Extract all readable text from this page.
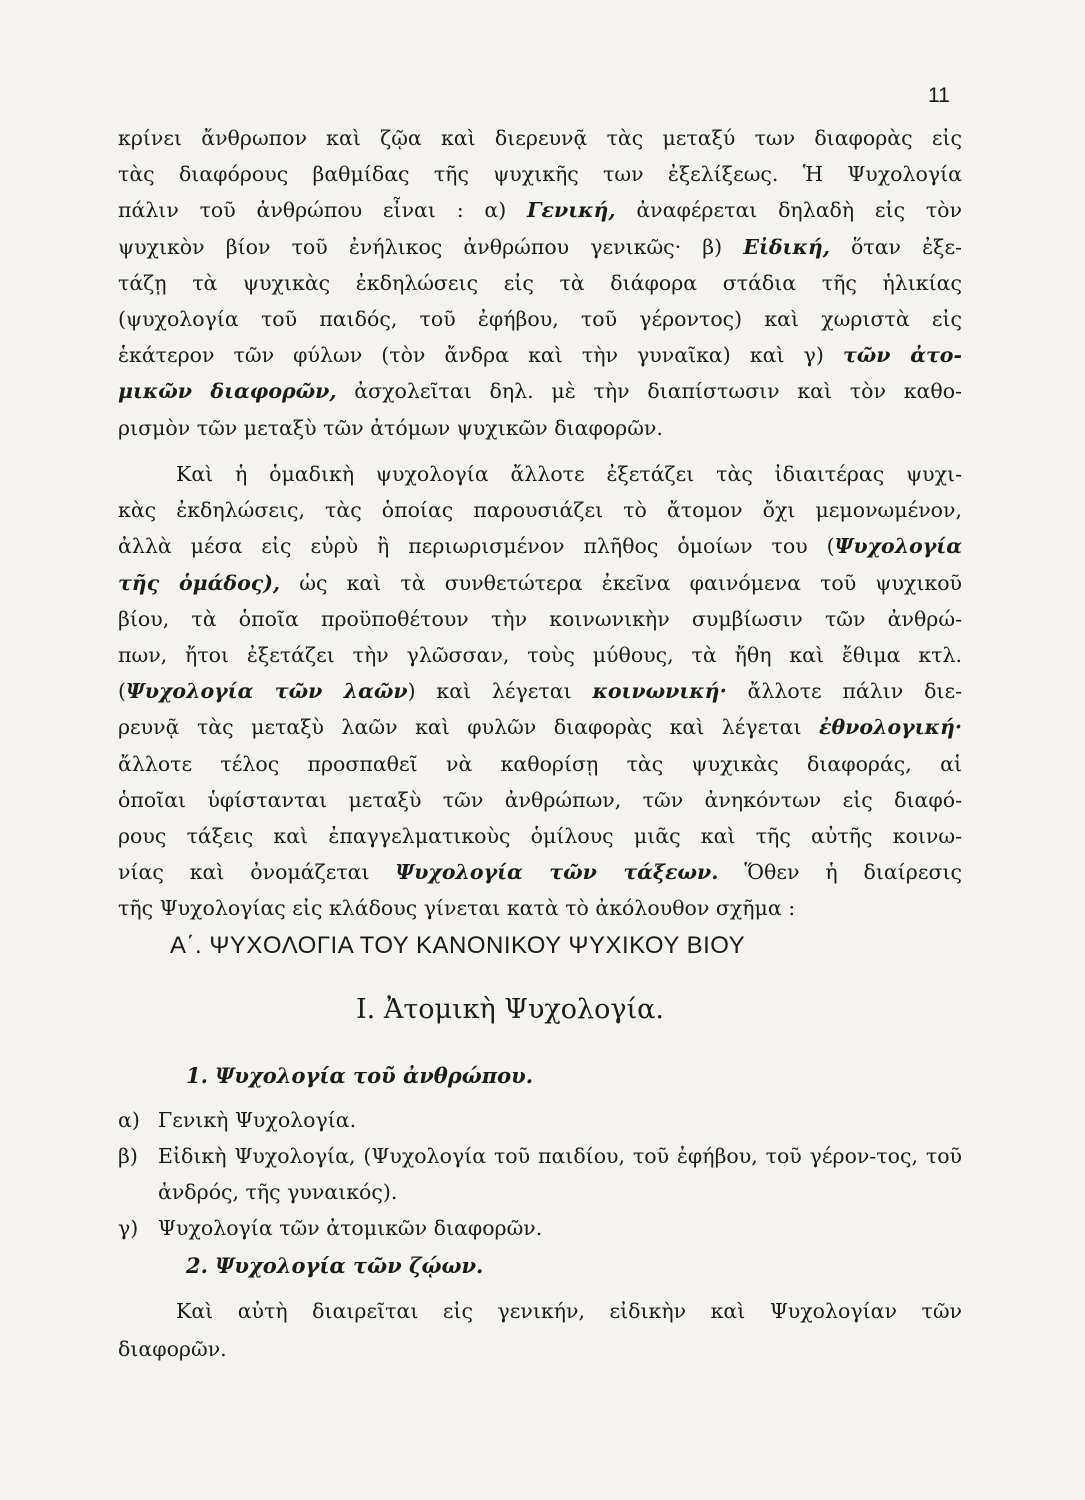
11
κρίνει ἄνθρωπον καὶ ζῷα καὶ διερευνᾷ τὰς μεταξύ των διαφορὰς εἰς
τὰς διαφόρους βαθμίδας τῆς ψυχικῆς των ἐξελίξεως. Ἡ Ψυχολογία
πάλιν τοῦ ἀνθρώπου εἶναι : α) Γενική, ἀναφέρεται δηλαδὴ εἰς τὸν
ψυχικὸν βίον τοῦ ἐνήλικος ἀνθρώπου γενικῶς· β) Εἰδική, ὅταν ἐξε-
τάζῃ τὰ ψυχικὰς ἐκδηλώσεις εἰς τὰ διάφορα στάδια τῆς ἡλικίας
(ψυχολογία τοῦ παιδός, τοῦ ἐφήβου, τοῦ γέροντος) καὶ χωριστὰ εἰς
ἑκάτερον τῶν φύλων (τὸν ἄνδρα καὶ τὴν γυναῖκα) καὶ γ) τῶν ἀτο-
μικῶν διαφορῶν, ἀσχολεῖται δηλ. μὲ τὴν διαπίστωσιν καὶ τὸν καθο-
ρισμὸν τῶν μεταξὺ τῶν ἀτόμων ψυχικῶν διαφορῶν.
Καὶ ἡ ὁμαδικὴ ψυχολογία ἄλλοτε ἐξετάζει τὰς ἰδιαιτέρας ψυχι-
κὰς ἐκδηλώσεις, τὰς ὁποίας παρουσιάζει τὸ ἄτομον ὄχι μεμονωμένον,
ἀλλὰ μέσα εἰς εὐρὺ ἢ περιωρισμένον πλῆθος ὁμοίων του (Ψυχολογία
τῆς ὁμάδος), ὡς καὶ τὰ συνθετώτερα ἐκεῖνα φαινόμενα τοῦ ψυχικοῦ
βίου, τὰ ὁποῖα προϋποθέτουν τὴν κοινωνικὴν συμβίωσιν τῶν ἀνθρώ-
πων, ἤτοι ἐξετάζει τὴν γλῶσσαν, τοὺς μύθους, τὰ ἤθη καὶ ἔθιμα κτλ.
(Ψυχολογία τῶν λαῶν) καὶ λέγεται κοινωνική· ἄλλοτε πάλιν διε-
ρευνᾷ τὰς μεταξὺ λαῶν καὶ φυλῶν διαφορὰς καὶ λέγεται ἐθνολογική·
ἄλλοτε τέλος προσπαθεῖ νὰ καθορίσῃ τὰς ψυχικὰς διαφοράς, αἱ
ὁποῖαι ὑφίστανται μεταξὺ τῶν ἀνθρώπων, τῶν ἀνηκόντων εἰς διαφό-
ρους τάξεις καὶ ἐπαγγελματικοὺς ὁμίλους μιᾶς καὶ τῆς αὐτῆς κοινω-
νίας καὶ ὀνομάζεται Ψυχολογία τῶν τάξεων. Ὅθεν ἡ διαίρεσις
τῆς Ψυχολογίας εἰς κλάδους γίνεται κατὰ τὸ ἀκόλουθον σχῆμα :
Α΄. ΨΥΧΟΛΟΓΙΑ ΤΟΥ ΚΑΝΟΝΙΚΟΥ ΨΥΧΙΚΟΥ ΒΙΟΥ
Ι. Ἀτομικὴ Ψυχολογία.
1. Ψυχολογία τοῦ ἀνθρώπου.
α) Γενικὴ Ψυχολογία.
β) Εἰδικὴ Ψυχολογία, (Ψυχολογία τοῦ παιδίου, τοῦ ἐφήβου, τοῦ γέρον-τος, τοῦ ἀνδρός, τῆς γυναικός).
γ) Ψυχολογία τῶν ἀτομικῶν διαφορῶν.
2. Ψυχολογία τῶν ζῴων.
Καὶ αὐτὴ διαιρεῖται εἰς γενικήν, εἰδικὴν καὶ Ψυχολογίαν τῶν
διαφορῶν.
